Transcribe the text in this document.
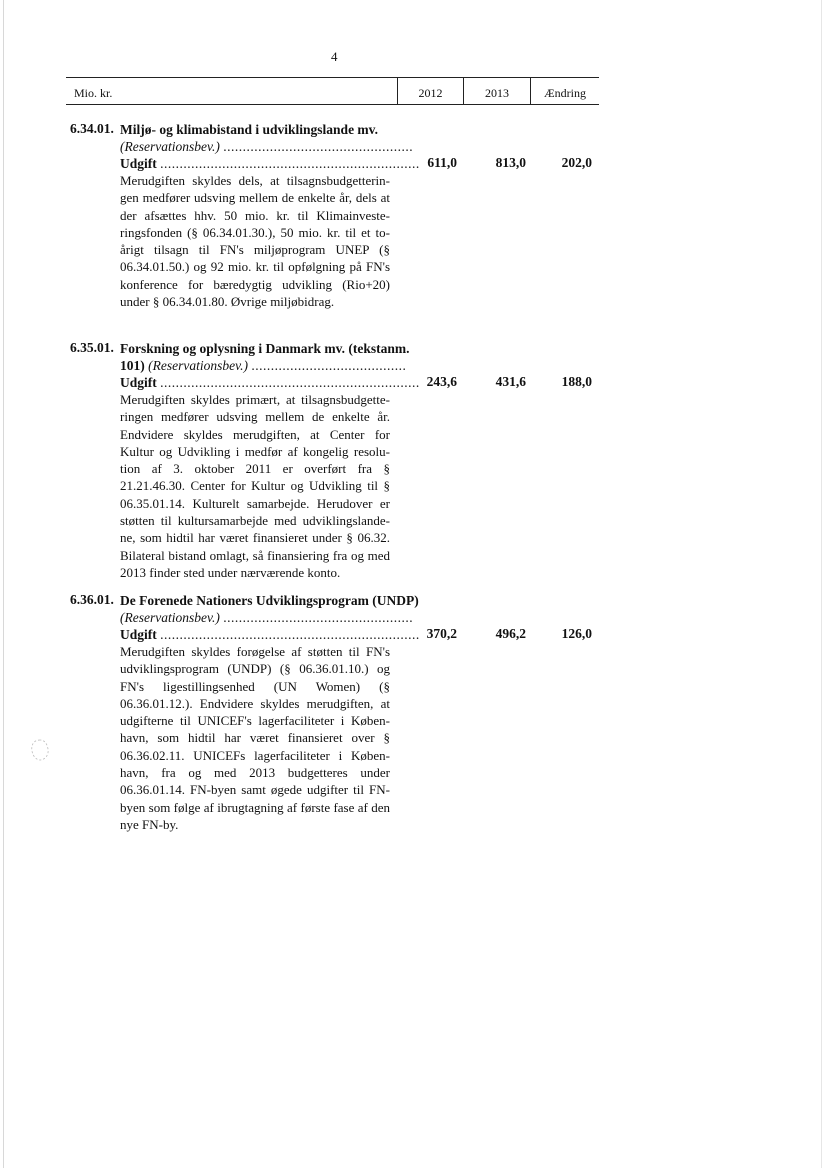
4
Mio. kr.	2012	2013	Ændring
6.34.01. Miljø- og klimabistand i udviklingslande mv.
(Reservationsbev.) .................................................
Udgift ................................................................... 611,0	813,0	202,0

Merudgiften skyldes dels, at tilsagnsbudgetterin-gen medfører udsving mellem de enkelte år, dels at der afsættes hhv. 50 mio. kr. til Klimainveste-ringsfonden (§ 06.34.01.30.), 50 mio. kr. til et to-årigt tilsagn til FN's miljøprogram UNEP (§ 06.34.01.50.) og 92 mio. kr. til opfølgning på FN's konference for bæredygtig udvikling (Rio+20) under § 06.34.01.80. Øvrige miljøbidrag.

6.35.01. Forskning og oplysning i Danmark mv. (tekstanm.
101) (Reservationsbev.) ........................................
Udgift ................................................................... 243,6	431,6	188,0

Merudgiften skyldes primært, at tilsagnsbudgette-ringen medfører udsving mellem de enkelte år. Endvidere skyldes merudgiften, at Center for Kultur og Udvikling i medfør af kongelig resolu-tion af 3. oktober 2011 er overført fra § 21.21.46.30. Center for Kultur og Udvikling til § 06.35.01.14. Kulturelt samarbejde. Herudover er støtten til kultursamarbejde med udviklingslande-ne, som hidtil har været finansieret under § 06.32. Bilateral bistand omlagt, så finansiering fra og med 2013 finder sted under nærværende konto.

6.36.01. De Forenede Nationers Udviklingsprogram (UNDP)
(Reservationsbev.) .................................................
Udgift ................................................................... 370,2	496,2	126,0

Merudgiften skyldes forøgelse af støtten til FN's udviklingsprogram (UNDP) (§ 06.36.01.10.) og FN's ligestillingsenhed (UN Women) (§ 06.36.01.12.). Endvidere skyldes merudgiften, at udgifterne til UNICEF's lagerfaciliteter i Køben-havn, som hidtil har været finansieret over § 06.36.02.11. UNICEFs lagerfaciliteter i Køben-havn, fra og med 2013 budgetteres under 06.36.01.14. FN-byen samt øgede udgifter til FN-byen som følge af ibrugtagning af første fase af den nye FN-by.
